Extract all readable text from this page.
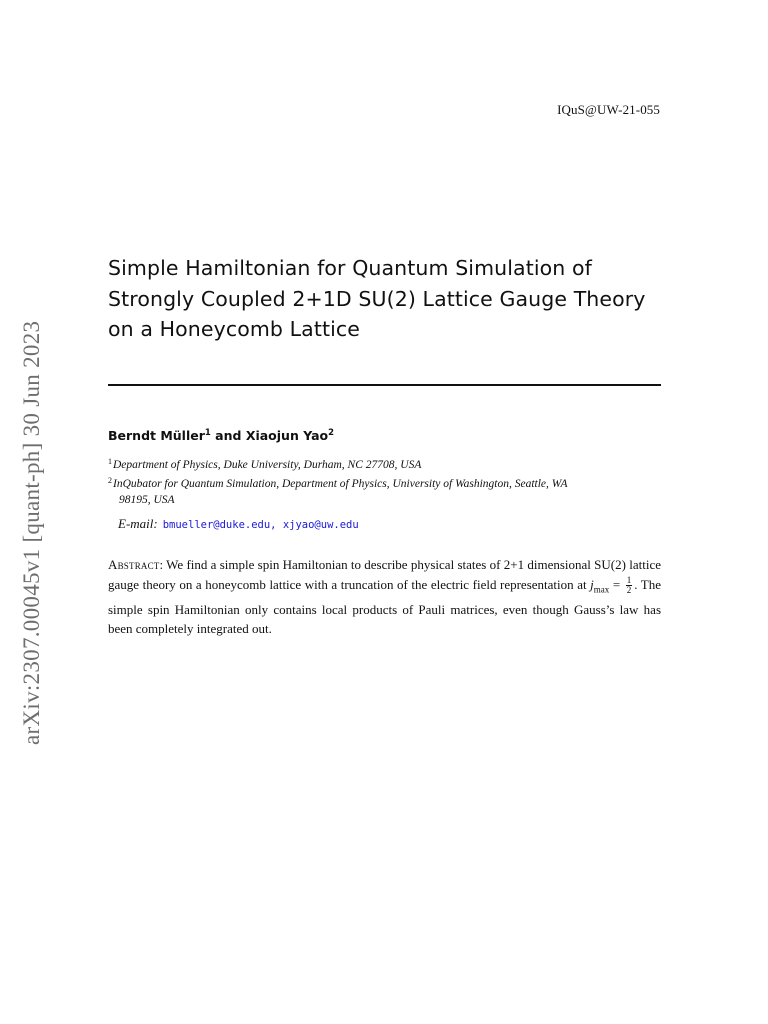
IQuS@UW-21-055
arXiv:2307.00045v1 [quant-ph] 30 Jun 2023
Simple Hamiltonian for Quantum Simulation of Strongly Coupled 2+1D SU(2) Lattice Gauge Theory on a Honeycomb Lattice
Berndt Müller$^1$ and Xiaojun Yao$^2$
$^1$Department of Physics, Duke University, Durham, NC 27708, USA
$^2$InQubator for Quantum Simulation, Department of Physics, University of Washington, Seattle, WA
98195, USA
E-mail: bmueller@duke.edu, xjyao@uw.edu
Abstract: We find a simple spin Hamiltonian to describe physical states of 2+1 dimensional SU(2) lattice gauge theory on a honeycomb lattice with a truncation of the electric field representation at $j_{max} = \frac{1}{2}$ . The simple spin Hamiltonian only contains local products of Pauli matrices, even though Gauss’s law has been completely integrated out.
